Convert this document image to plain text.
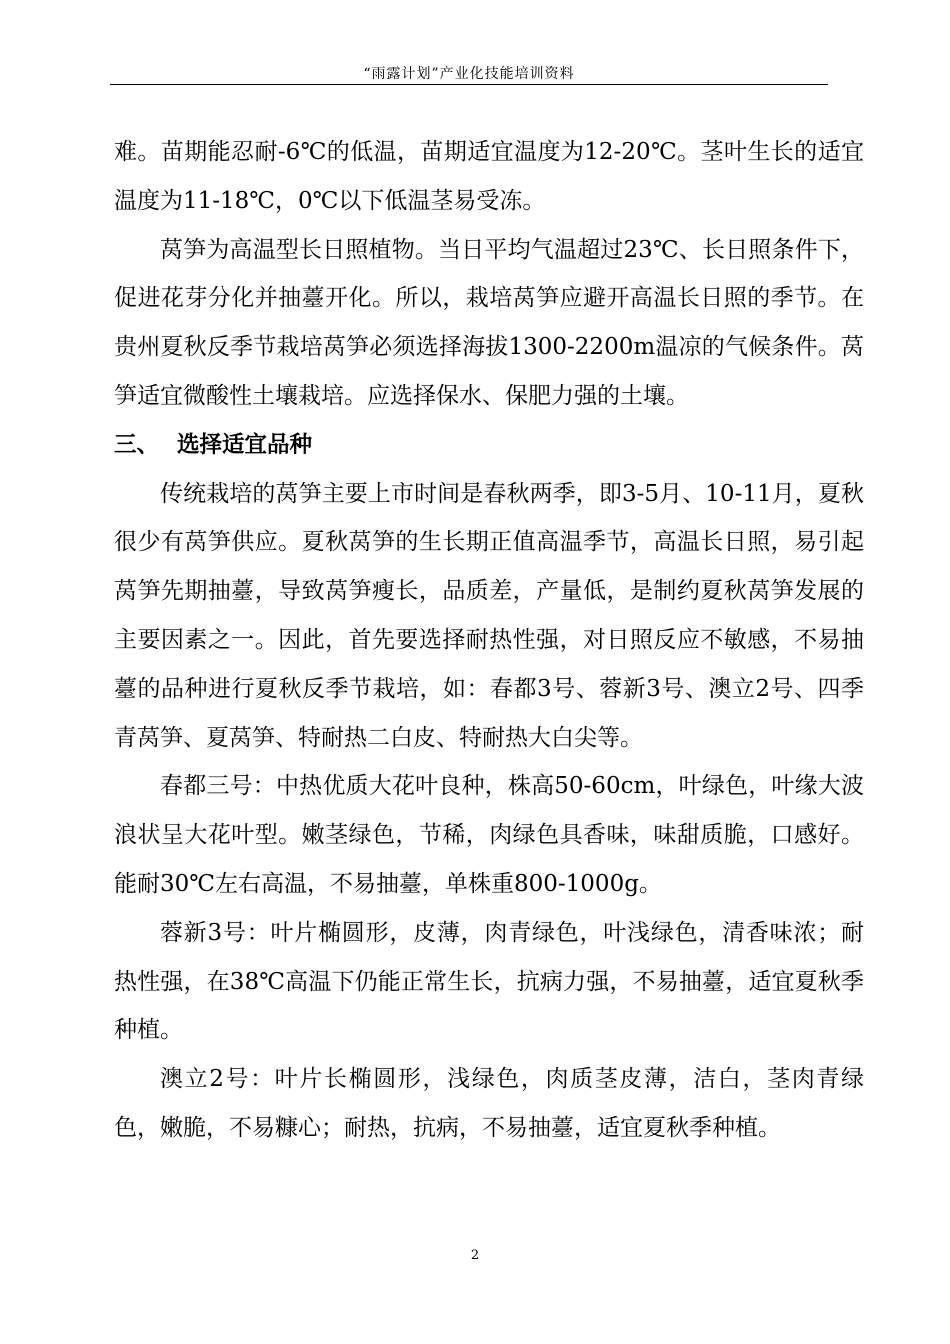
“雨露计划”产业化技能培训资料

难。苗期能忍耐-6℃的低温，苗期适宜温度为12-20℃。茎叶生长的适宜温度为11-18℃，0℃以下低温茎易受冻。

莴笋为高温型长日照植物。当日平均气温超过23℃、长日照条件下，促进花芽分化并抽薹开化。所以，栽培莴笋应避开高温长日照的季节。在贵州夏秋反季节栽培莴笋必须选择海拔1300-2200m温凉的气候条件。莴笋适宜微酸性土壤栽培。应选择保水、保肥力强的土壤。

三、 选择适宜品种

传统栽培的莴笋主要上市时间是春秋两季，即3-5月、10-11月，夏秋很少有莴笋供应。夏秋莴笋的生长期正值高温季节，高温长日照，易引起莴笋先期抽薹，导致莴笋瘦长，品质差，产量低，是制约夏秋莴笋发展的主要因素之一。因此，首先要选择耐热性强，对日照反应不敏感，不易抽薹的品种进行夏秋反季节栽培，如：春都3号、蓉新3号、澳立2号、四季青莴笋、夏莴笋、特耐热二白皮、特耐热大白尖等。

春都三号：中热优质大花叶良种，株高50-60cm，叶绿色，叶缘大波浪状呈大花叶型。嫩茎绿色，节稀，肉绿色具香味，味甜质脆，口感好。能耐30℃左右高温，不易抽薹，单株重800-1000g。

蓉新3号：叶片椭圆形，皮薄，肉青绿色，叶浅绿色，清香味浓；耐热性强，在38℃高温下仍能正常生长，抗病力强，不易抽薹，适宜夏秋季种植。

澳立2号：叶片长椭圆形，浅绿色，肉质茎皮薄，洁白，茎肉青绿色，嫩脆，不易糠心；耐热，抗病，不易抽薹，适宜夏秋季种植。

2
